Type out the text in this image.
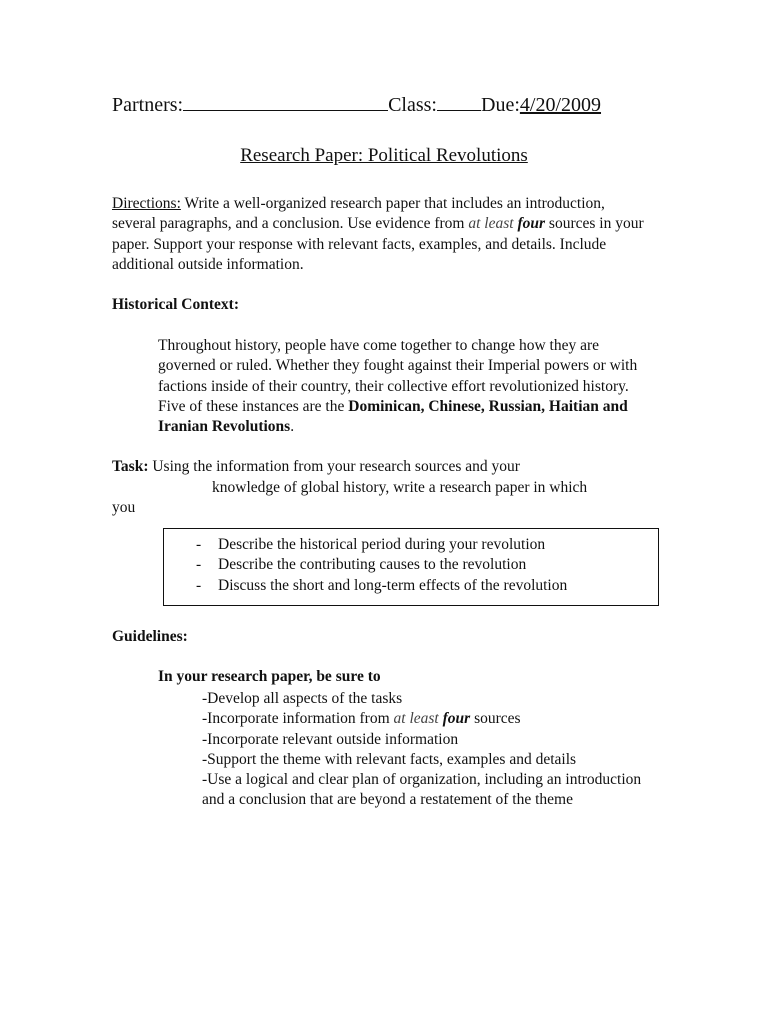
Partners:	Class: Due:4/20/2009
Research Paper: Political Revolutions
Directions: Write a well-organized research paper that includes an introduction, several paragraphs, and a conclusion. Use evidence from at least four sources in your paper. Support your response with relevant facts, examples, and details. Include additional outside information.
Historical Context:
Throughout history, people have come together to change how they are governed or ruled. Whether they fought against their Imperial powers or with factions inside of their country, their collective effort revolutionized history. Five of these instances are the Dominican, Chinese, Russian, Haitian and Iranian Revolutions.
Task: Using the information from your research sources and your
knowledge of global history, write a research paper in which
you
- Describe the historical period during your revolution
- Describe the contributing causes to the revolution
- Discuss the short and long-term effects of the revolution
Guidelines:
In your research paper, be sure to
-Develop all aspects of the tasks
-Incorporate information from at least four sources
-Incorporate relevant outside information
-Support the theme with relevant facts, examples and details
-Use a logical and clear plan of organization, including an introduction and a conclusion that are beyond a restatement of the theme
